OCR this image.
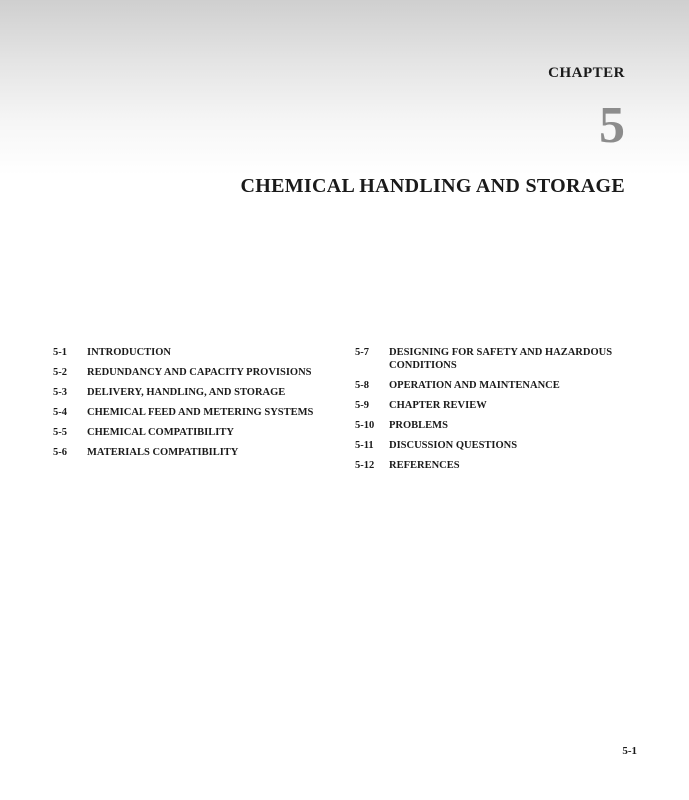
CHAPTER
5
CHEMICAL HANDLING AND STORAGE
5-1	INTRODUCTION
5-2	REDUNDANCY AND CAPACITY PROVISIONS
5-3	DELIVERY, HANDLING, AND STORAGE
5-4	CHEMICAL FEED AND METERING SYSTEMS
5-5	CHEMICAL COMPATIBILITY
5-6	MATERIALS COMPATIBILITY
5-7	DESIGNING FOR SAFETY AND HAZARDOUS CONDITIONS
5-8	OPERATION AND MAINTENANCE
5-9	CHAPTER REVIEW
5-10	PROBLEMS
5-11	DISCUSSION QUESTIONS
5-12	REFERENCES
5-1
